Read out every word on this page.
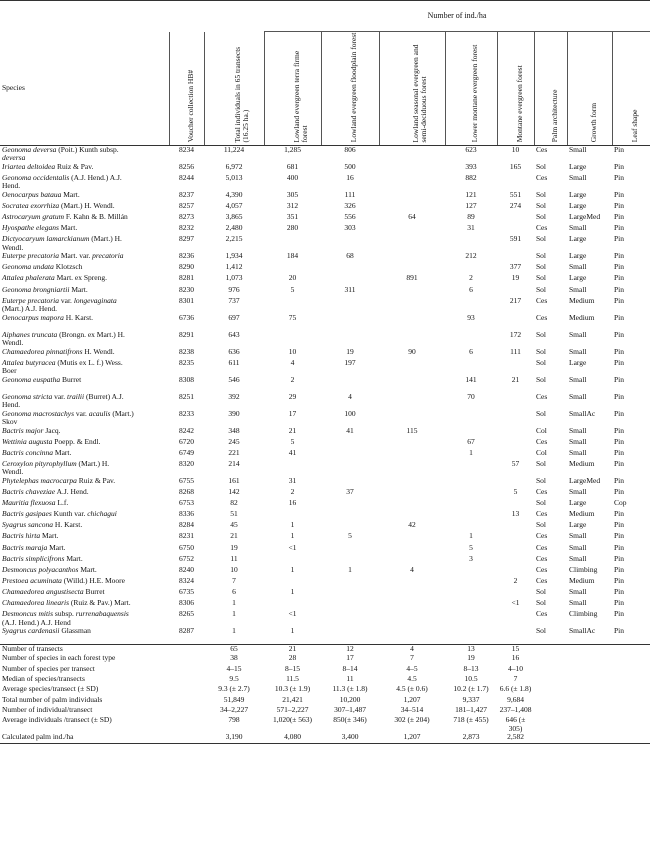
			Number of ind./ha							
Species	Voucher collection HB#	Total individuals in 65 transects (16.25 ha.)	Lowland evergreen terra firme forest	Lowland evergreen floodplain forest	Lowland seasonal evergreen and semi-deciduous forest	Lower montane evergreen forest	Montane evergreen forest	Palm architecture	Growth form	Leaf shape

Geonoma deversa (Poit.) Kunth subsp.
deversa	8234	11,224	1,285	806		623	10	Ces	Small	Pin
Iriartea deltoidea Ruiz & Pav.	8256	6,972	681	500		393	165	Sol	Large	Pin
Geonoma occidentalis (A.J. Hend.) A.J.
Hend.	8244	5,013	400	16		882		Ces	Small	Pin
Oenocarpus bataua Mart.	8237	4,390	305	111		121	551	Sol	Large	Pin
Socratea exorrhiza (Mart.) H. Wendl.	8257	4,057	312	326		127	274	Sol	Large	Pin
Astrocaryum gratum F. Kahn & B. Millán	8273	3,865	351	556	64	89		Sol	LargeMed	Pin
Hyospathe elegans Mart.	8232	2,480	280	303		31		Ces	Small	Pin
Dictyocaryum lamarckianum (Mart.) H.
Wendl.	8297	2,215					591	Sol	Large	Pin
Euterpe precatoria Mart. var. precatoria	8236	1,934	184	68		212		Sol	Large	Pin
Geonoma undata Klotzsch	8290	1,412					377	Sol	Small	Pin
Attalea phalerata Mart. ex Spreng.	8281	1,073	20		891	2	19	Sol	Large	Pin
Geonoma brongniartii Mart.	8230	976	5	311		6		Sol	Small	Pin
Euterpe precatoria var. longevaginata
(Mart.) A.J. Hend.	8301	737					217	Ces	Medium	Pin
Oenocarpus mapora H. Karst.	6736	697	75			93		Ces	Medium	Pin
Aiphanes truncata (Brongn. ex Mart.) H.
Wendl.	8291	643					172	Sol	Small	Pin
Chamaedorea pinnatifrons H. Wendl.	8238	636	10	19	90	6	111	Sol	Small	Pin
Attalea butyracea (Mutis ex L. f.) Wess.
Boer	8235	611	4	197				Sol	Large	Pin
Geonoma euspatha Burret	8308	546	2			141	21	Sol	Small	Pin
Geonoma stricta var. trailii (Burret) A.J.
Hend.	8251	392	29	4		70		Ces	Small	Pin
Geonoma macrostachys var. acaulis (Mart.)
Skov	8233	390	17	100				Sol	SmallAc	Pin
Bactris major Jacq.	8242	348	21	41	115			Col	Small	Pin
Wettinia augusta Poepp. & Endl.	6720	245	5			67		Ces	Small	Pin
Bactris concinna Mart.	6749	221	41			1		Col	Small	Pin
Ceroxylon pityrophyllum (Mart.) H.
Wendl.	8320	214					57	Sol	Medium	Pin
Phytelephas macrocarpa Ruiz & Pav.	6755	161	31					Sol	LargeMed	Pin
Bactris chaveziae A.J. Hend.	8268	142	2	37			5	Ces	Small	Pin
Mauritia flexuosa L.f.	6753	82	16					Sol	Large	Cop
Bactris gasipaes Kunth var. chichagui	8336	51					13	Ces	Medium	Pin
Syagrus sancona H. Karst.	8284	45	1		42			Sol	Large	Pin
Bactris hirta Mart.	8231	21	1	5		1		Ces	Small	Pin
Bactris maraja Mart.	6750	19	<1			5		Ces	Small	Pin
Bactris simplicifrons Mart.	6752	11				3		Ces	Small	Pin
Desmoncus polyacanthos Mart.	8240	10	1	1	4			Ces	Climbing	Pin
Prestoea acuminata (Willd.) H.E. Moore	8324	7					2	Ces	Medium	Pin
Chamaedorea angustisecta Burret	6735	6	1					Sol	Small	Pin
Chamaedorea linearis (Ruiz & Pav.) Mart.	8306	1					<1	Sol	Small	Pin
Desmoncus mitis subsp. rurrenabaquensis
(A.J. Hend.) A.J. Hend	8265	1	<1					Ces	Climbing	Pin
Syagrus cardenasii Glassman	8287	1	1					Sol	SmallAc	Pin
Number of transects		65	21	12	4	13	15			
Number of species in each forest type		38	28	17	7	19	16			
Number of species per transect		4–15	8–15	8–14	4–5	8–13	4–10			
Median of species/transects		9.5	11.5	11	4.5	10.5	7			
Average species/transect (± SD)		9.3 (± 2.7)	10.3 (± 1.9)	11.3 (± 1.8)	4.5 (± 0.6)	10.2 (± 1.7)	6.6 (± 1.8)			
Total number of palm individuals		51,849	21,421	10,200	1,207	9,337	9,684			
Number of individual/transect		34–2,227	571–2,227	307–1,487	34–514	181–1,427	237–1,408			
Average individuals /transect (± SD)		798	1,020(± 563)	850(± 346)	302 (± 204)	718 (± 455)	646 (± 305)			
Calculated palm ind./ha		3,190	4,080	3,400	1,207	2,873	2,582			
